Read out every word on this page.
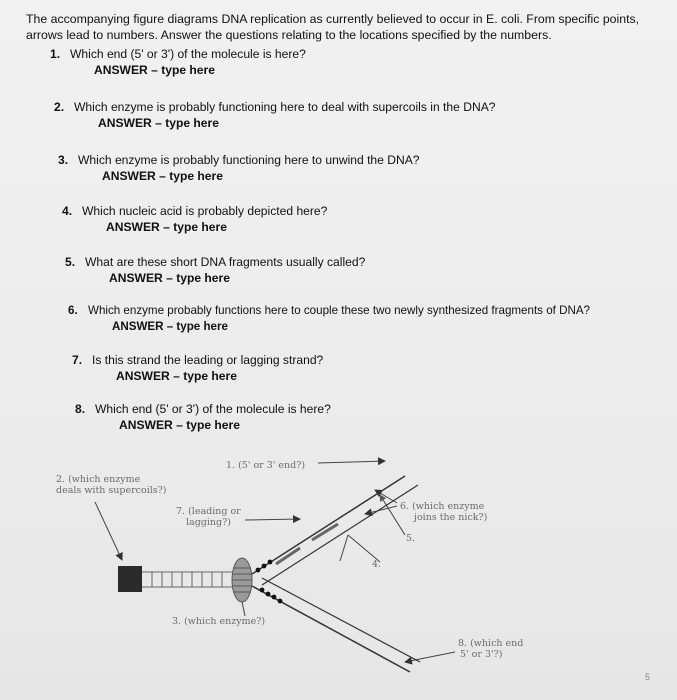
The accompanying figure diagrams DNA replication as currently believed to occur in E. coli. From specific points, arrows lead to numbers. Answer the questions relating to the locations specified by the numbers.
1. Which end (5' or 3') of the molecule is here?
ANSWER – type here
2. Which enzyme is probably functioning here to deal with supercoils in the DNA?
ANSWER – type here
3. Which enzyme is probably functioning here to unwind the DNA?
ANSWER – type here
4. Which nucleic acid is probably depicted here?
ANSWER – type here
5. What are these short DNA fragments usually called?
ANSWER – type here
6. Which enzyme probably functions here to couple these two newly synthesized fragments of DNA?
ANSWER – type here
7. Is this strand the leading or lagging strand?
ANSWER – type here
8. Which end (5' or 3') of the molecule is here?
ANSWER – type here
1. (5' or 3' end?)
2. (which enzyme
deals with supercoils?)
7. (leading or
lagging?)
6. (which enzyme
joins the nick?)
5.
4.
3. (which enzyme?)
8. (which end
5' or 3'?)
5
